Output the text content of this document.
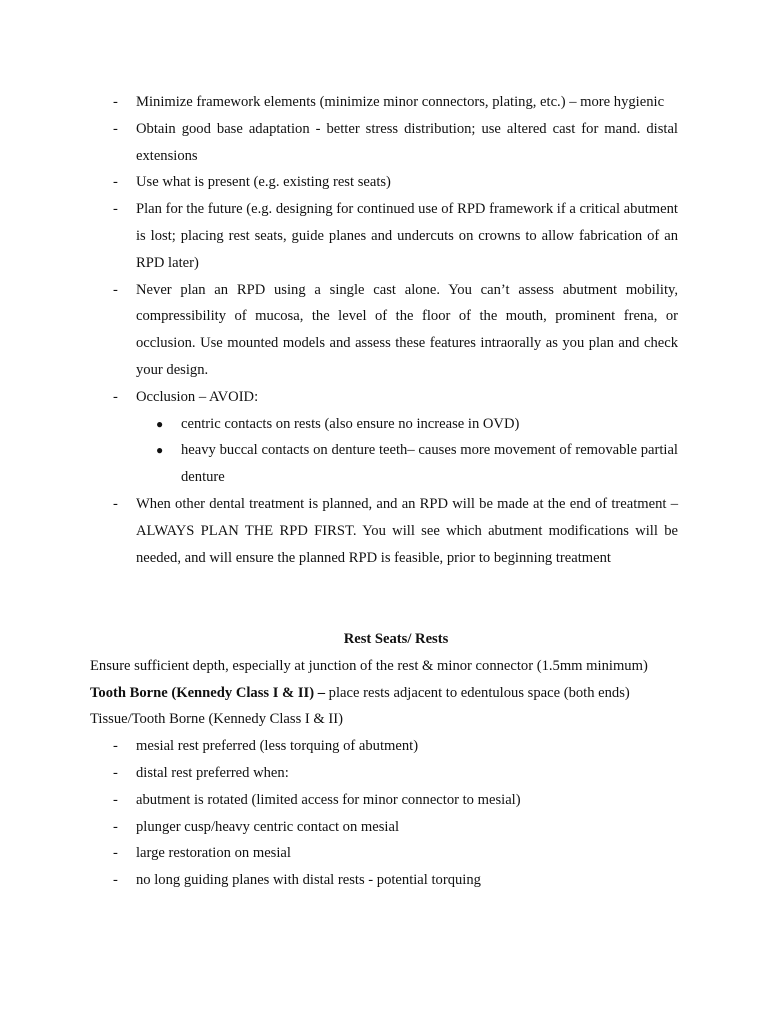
- Minimize framework elements (minimize minor connectors, plating, etc.) – more hygienic
- Obtain good base adaptation - better stress distribution; use altered cast for mand. distal extensions
- Use what is present (e.g. existing rest seats)
- Plan for the future (e.g. designing for continued use of RPD framework if a critical abutment is lost; placing rest seats, guide planes and undercuts on crowns to allow fabrication of an RPD later)
- Never plan an RPD using a single cast alone. You can’t assess abutment mobility, compressibility of mucosa, the level of the floor of the mouth, prominent frena, or occlusion. Use mounted models and assess these features intraorally as you plan and check your design.
- Occlusion – AVOID:
● centric contacts on rests (also ensure no increase in OVD)
● heavy buccal contacts on denture teeth– causes more movement of removable partial denture
- When other dental treatment is planned, and an RPD will be made at the end of treatment – ALWAYS PLAN THE RPD FIRST. You will see which abutment modifications will be needed, and will ensure the planned RPD is feasible, prior to beginning treatment
Rest Seats/ Rests
Ensure sufficient depth, especially at junction of the rest & minor connector (1.5mm minimum)
Tooth Borne (Kennedy Class I & II) – place rests adjacent to edentulous space (both ends)
Tissue/Tooth Borne (Kennedy Class I & II)
- mesial rest preferred (less torquing of abutment)
- distal rest preferred when:
- abutment is rotated (limited access for minor connector to mesial)
- plunger cusp/heavy centric contact on mesial
- large restoration on mesial
- no long guiding planes with distal rests - potential torquing
